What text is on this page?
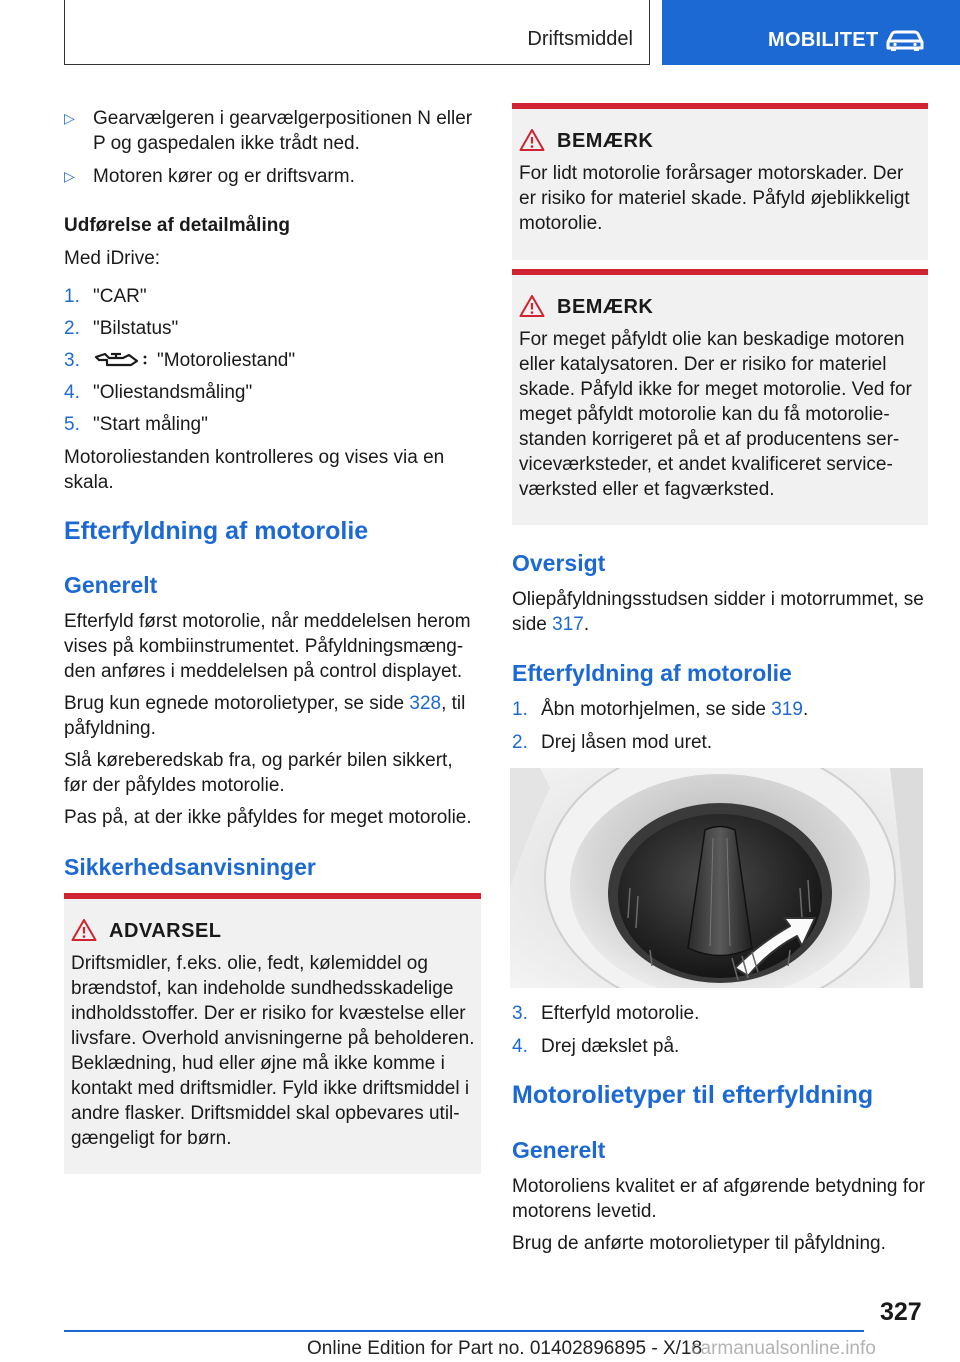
Driftsmiddel	MOBILITET
▷ Gearvælgeren i gearvælgerpositionen N eller P og gaspedalen ikke trådt ned.
▷ Motoren kører og er driftsvarm.
Udførelse af detailmåling
Med iDrive:
1. "CAR"
2. "Bilstatus"
3.	"Motoroliestand"
4. "Oliestandsmåling"
5. "Start måling"
Motoroliestanden kontrolleres og vises via en skala.
Efterfyldning af motorolie
Generelt
Efterfyld først motorolie, når meddelelsen herom vises på kombiinstrumentet. Påfyldningsmængden anføres i meddelelsen på control displayet.
Brug kun egnede motorolietyper, se side 328, til påfyldning.
Slå køreberedskab fra, og parkér bilen sikkert, før der påfyldes motorolie.
Pas på, at der ikke påfyldes for meget motorolie.
Sikkerhedsanvisninger
ADVARSEL
Driftsmidler, f.eks. olie, fedt, kølemiddel og brændstof, kan indeholde sundhedsskadelige indholdsstoffer. Der er risiko for kvæstelse eller livsfare. Overhold anvisningerne på beholderen. Beklædning, hud eller øjne må ikke komme i kontakt med driftsmidler. Fyld ikke driftsmiddel i andre flasker. Driftsmiddel skal opbevares utilgængeligt for børn.
BEMÆRK
For lidt motorolie forårsager motorskader. Der er risiko for materiel skade. Påfyld øjeblikkeligt motorolie.
BEMÆRK
For meget påfyldt olie kan beskadige motoren eller katalysatoren. Der er risiko for materiel skade. Påfyld ikke for meget motorolie. Ved for meget påfyldt motorolie kan du få motoroliestanden korrigeret på et af producentens serviceværksteder, et andet kvalificeret serviceværksted eller et fagværksted.
Oversigt
Oliepåfyldningsstudsen sidder i motorrummet, se side 317.
Efterfyldning af motorolie
1. Åbn motorhjelmen, se side 319.
2. Drej låsen mod uret.
3. Efterfyld motorolie.
4. Drej dækslet på.
Motorolietyper til efterfyldning
Generelt
Motoroliens kvalitet er af afgørende betydning for motorens levetid.
Brug de anførte motorolietyper til påfyldning.
327
Online Edition for Part no. 01402896895 - X/18
carmanualsonline.info
